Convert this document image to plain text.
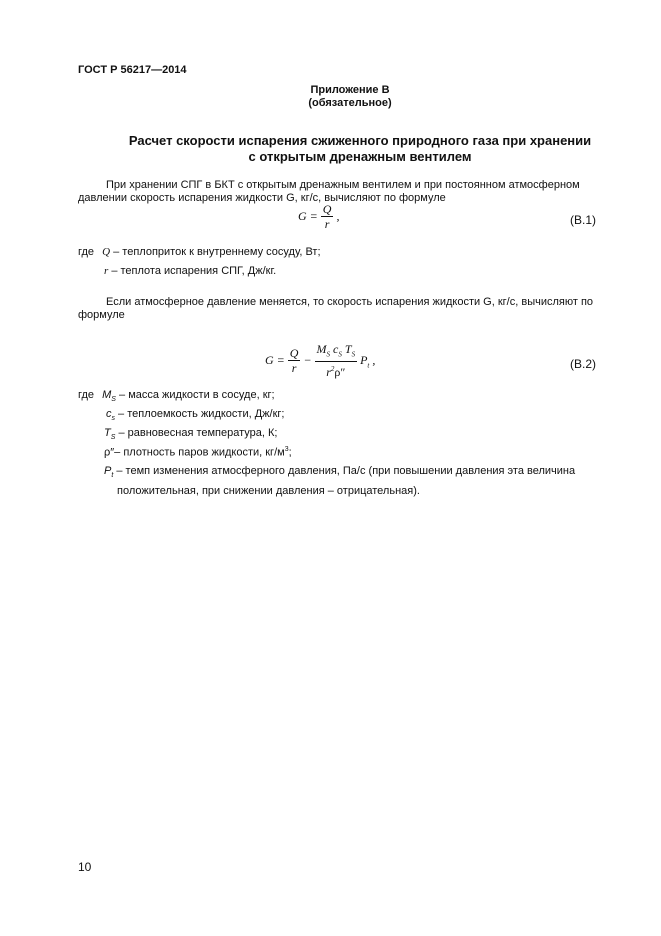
ГОСТ Р 56217—2014
Приложение В
(обязательное)
Расчет скорости испарения сжиженного природного газа при хранении
с открытым дренажным вентилем
При хранении СПГ в БКТ с открытым дренажным вентилем и при постоянном атмосферном
давлении скорость испарения жидкости G, кг/с, вычисляют по формуле
$G = \frac{Q}{r}$ ,	(В.1)
где Q – теплоприток к внутреннему сосуду, Вт;
r – теплота испарения СПГ, Дж/кг.
Если атмосферное давление меняется, то скорость испарения жидкости G, кг/с, вычисляют по
формуле
$G = \frac{Q}{r} - \frac{M_S c_S T_S}{r^2\rho''} P_t$ ,	(В.2)
где $M_S$ – масса жидкости в сосуде, кг;
$c_s$ – теплоемкость жидкости, Дж/кг;
$T_S$ – равновесная температура, К;
ρ″– плотность паров жидкости, $кг/м^3$;
$P_t$ – темп изменения атмосферного давления, Па/с (при повышении давления эта величина
положительная, при снижении давления – отрицательная).
10
